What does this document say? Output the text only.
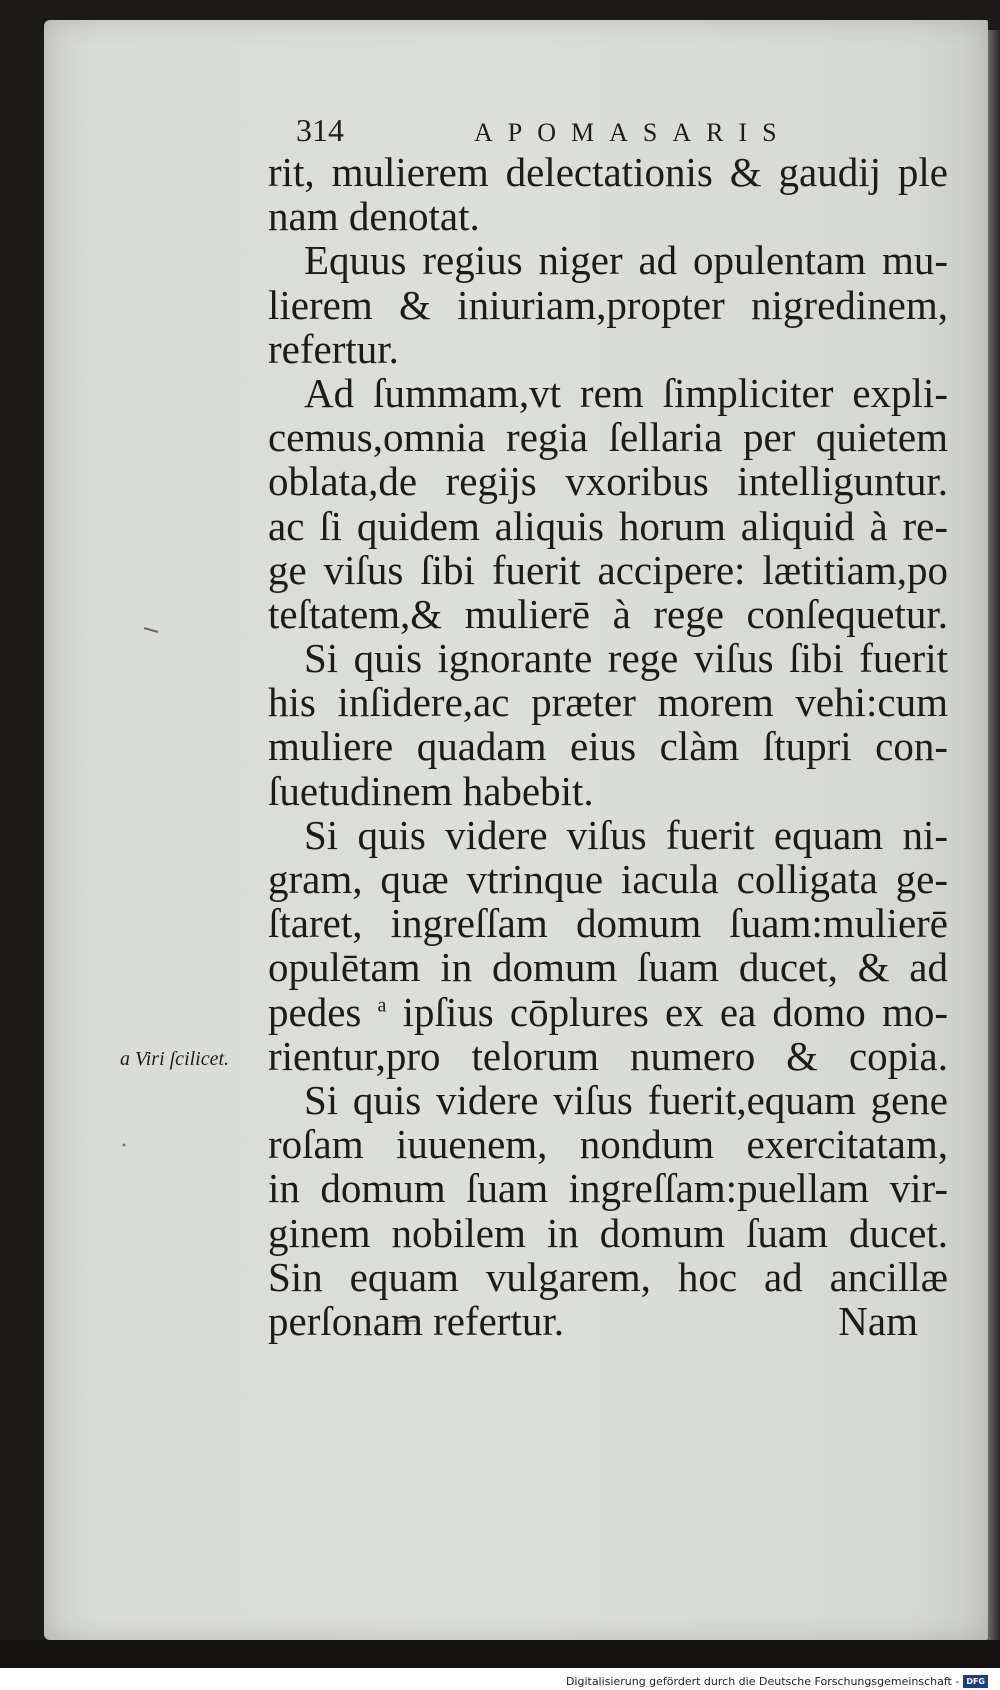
314	APOMASARIS
a Viri ſcilicet.
rit, mulierem delectationis & gaudij ple
nam denotat.
Equus regius niger ad opulentam mu-
lierem & iniuriam,propter nigredinem,
refertur.
Ad ſummam,vt rem ſimpliciter expli-
cemus,omnia regia ſellaria per quietem
oblata,de regijs vxoribus intelliguntur.
ac ſi quidem aliquis horum aliquid à re-
ge viſus ſibi fuerit accipere: lætitiam,po
teſtatem,& mulierē à rege conſequetur.
Si quis ignorante rege viſus ſibi fuerit
his inſidere,ac præter morem vehi:cum
muliere quadam eius clàm ſtupri con-
ſuetudinem habebit.
Si quis videre viſus fuerit equam ni-
gram, quæ vtrinque iacula colligata ge-
ſtaret, ingreſſam domum ſuam:mulierē
opulētam in domum ſuam ducet, & ad
pedes $^a$ ipſius cōplures ex ea domo mo-
rientur,pro telorum numero & copia.
Si quis videre viſus fuerit,equam gene
roſam iuuenem, nondum exercitatam,
in domum ſuam ingreſſam:puellam vir-
ginem nobilem in domum ſuam ducet.
Sin equam vulgarem, hoc ad ancillæ
perſonam refertur.	Nam
Digitalisierung gefördert durch die Deutsche Forschungsgemeinschaft - DFG
